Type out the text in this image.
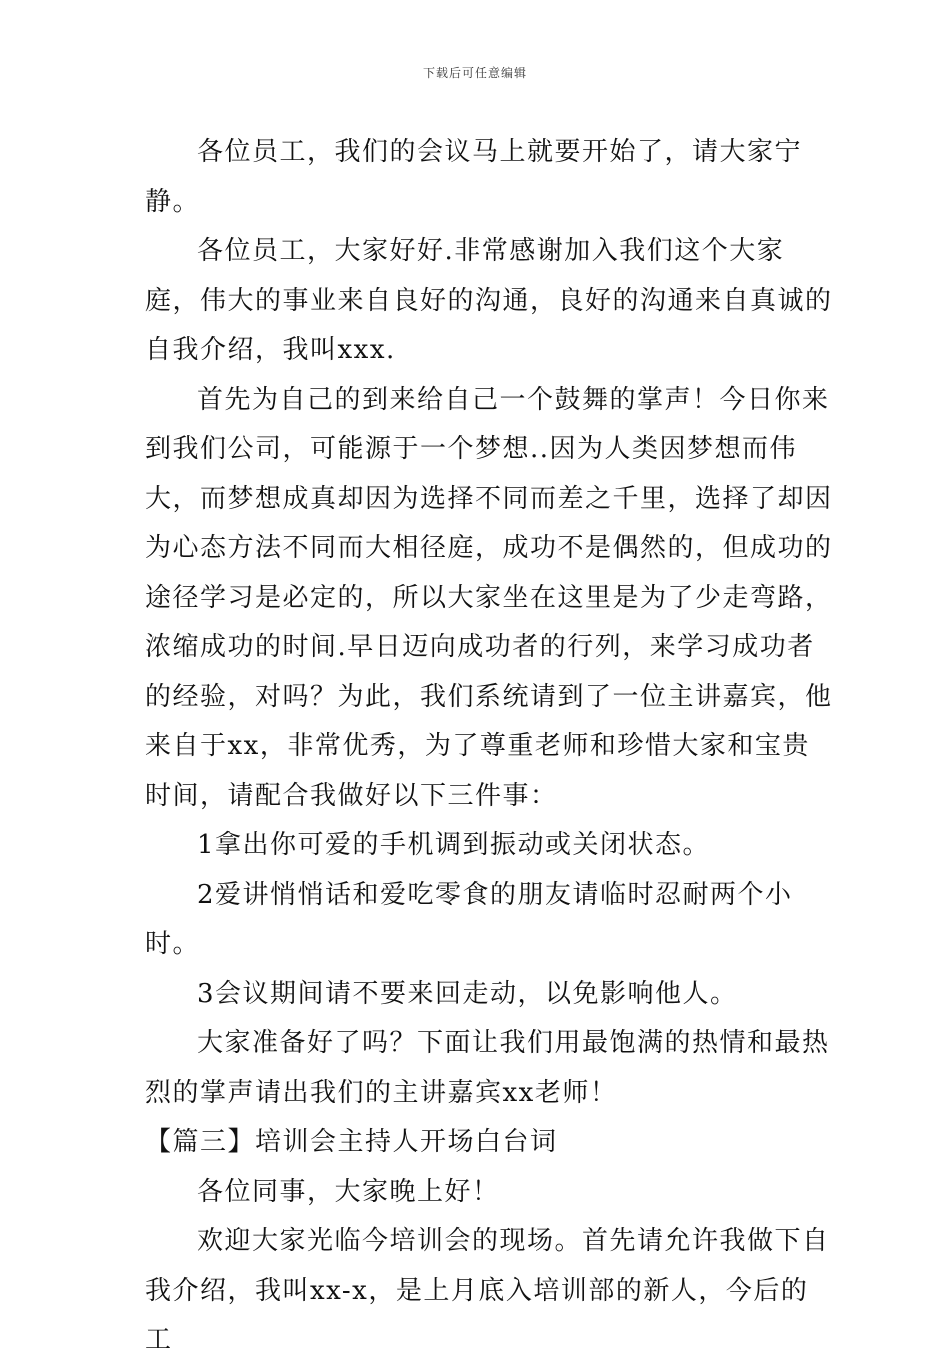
下载后可任意编辑

各位员工，我们的会议马上就要开始了，请大家宁静。

各位员工，大家好好.非常感谢加入我们这个大家庭，伟大的事业来自良好的沟通，良好的沟通来自真诚的自我介绍，我叫xxx.

首先为自己的到来给自己一个鼓舞的掌声！今日你来到我们公司，可能源于一个梦想..因为人类因梦想而伟大，而梦想成真却因为选择不同而差之千里，选择了却因为心态方法不同而大相径庭，成功不是偶然的，但成功的途径学习是必定的，所以大家坐在这里是为了少走弯路，浓缩成功的时间.早日迈向成功者的行列，来学习成功者的经验，对吗？为此，我们系统请到了一位主讲嘉宾，他来自于xx，非常优秀，为了尊重老师和珍惜大家和宝贵时间，请配合我做好以下三件事：

1拿出你可爱的手机调到振动或关闭状态。

2爱讲悄悄话和爱吃零食的朋友请临时忍耐两个小时。

3会议期间请不要来回走动，以免影响他人。

大家准备好了吗？下面让我们用最饱满的热情和最热烈的掌声请出我们的主讲嘉宾xx老师！

【篇三】培训会主持人开场白台词

各位同事，大家晚上好！

欢迎大家光临今培训会的现场。首先请允许我做下自我介绍，我叫xx-x，是上月底入培训部的新人，今后的工
